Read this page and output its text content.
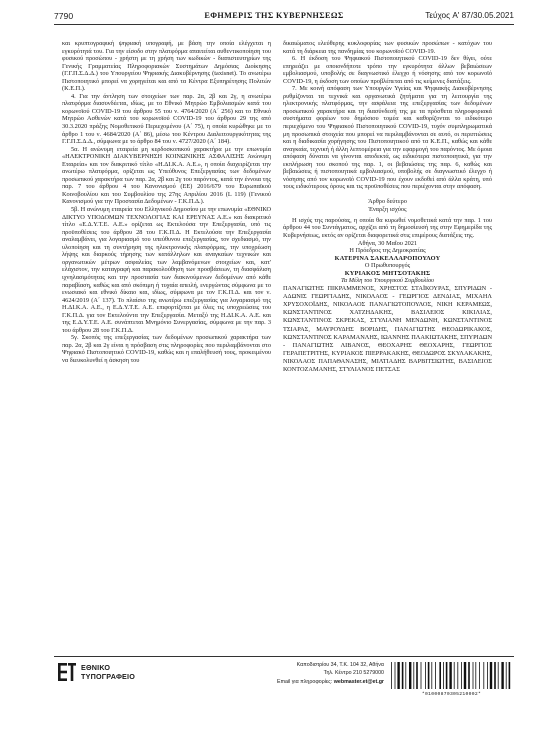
7790	ΕΦΗΜΕΡΙΣ ΤΗΣ ΚΥΒΕΡΝΗΣΕΩΣ	Τεύχος A' 87/30.05.2021

και κρυπτογραφική ψηφιακή υπογραφή, με βάση την οποία ελέγχεται η εγκυρότητά του. Για την είσοδο στην πλατφόρμα απαιτείται αυθεντικοποίηση του φυσικού προσώπου - χρήστη με τη χρήση των κωδικών - διαπιστευτηρίων της Γενικής Γραμματείας Πληροφοριακών Συστημάτων Δημόσιας Διοίκησης (Γ.Γ.Π.Σ.Δ.Δ.) του Υπουργείου Ψηφιακής Διακυβέρνησης (taxisnet). Το ανωτέρω Πιστοποιητικό μπορεί να χορηγείται και από τα Κέντρα Εξυπηρέτησης Πολιτών (Κ.Ε.Π.).

4. Για την άντληση των στοιχείων των παρ. 2α, 2β και 2γ, η ανωτέρω πλατφόρμα διασυνδέεται, ιδίως, με το Εθνικό Μητρώο Εμβολιασμών κατά του κορωνοϊού COVID-19 του άρθρου 55 του ν. 4764/2020 (Α΄ 256) και το Εθνικό Μητρώο Ασθενών κατά του κορωνοϊού COVID-19 του άρθρου 29 της από 30.3.2020 πράξης Νομοθετικού Περιεχομένου (Α΄ 75), η οποία κυρώθηκε με το άρθρο 1 του ν. 4684/2020 (Α΄ 86), μέσω του Κέντρου Διαλειτουργικότητας της Γ.Γ.Π.Σ.Δ.Δ., σύμφωνα με το άρθρο 84 του ν. 4727/2020 (Α΄ 184).

5α. Η ανώνυμη εταιρεία μη κερδοσκοπικού χαρακτήρα με την επωνυμία «ΗΛΕΚΤΡΟΝΙΚΗ ΔΙΑΚΥΒΕΡΝΗΣΗ ΚΟΙΝΩΝΙΚΗΣ ΑΣΦΑΛΙΣΗΣ Ανώνυμη Εταιρεία» και τον διακριτικό τίτλο «Η.ΔΙ.Κ.Α. Α.Ε.», η οποία διαχειρίζεται την ανωτέρω πλατφόρμα, ορίζεται ως Υπεύθυνος Επεξεργασίας των δεδομένων προσωπικού χαρακτήρα των παρ. 2α, 2β και 2γ του παρόντος, κατά την έννοια της παρ. 7 του άρθρου 4 του Κανονισμού (ΕΕ) 2016/679 του Ευρωπαϊκού Κοινοβουλίου και του Συμβουλίου της 27ης Απριλίου 2016 (L 119) (Γενικού Κανονισμού για την Προστασία Δεδομένων - Γ.Κ.Π.Δ.).

5β. Η ανώνυμη εταιρεία του Ελληνικού Δημοσίου με την επωνυμία «ΕΘΝΙΚΟ ΔΙΚΤΥΟ ΥΠΟΔΟΜΩΝ ΤΕΧΝΟΛΟΓΙΑΣ ΚΑΙ ΕΡΕΥΝΑΣ Α.Ε.» και διακριτικό τίτλο «Ε.Δ.Υ.Τ.Ε. Α.Ε.» ορίζεται ως Εκτελούσα την Επεξεργασία, υπό τις προϋποθέσεις του άρθρου 28 του Γ.Κ.Π.Δ. Η Εκτελούσα την Επεξεργασία αναλαμβάνει, για λογαριασμό του υπεύθυνου επεξεργασίας, τον σχεδιασμό, την υλοποίηση και τη συντήρηση της ηλεκτρονικής πλατφόρμας, την υποχρέωση λήψης και διαρκούς τήρησης των κατάλληλων και αναγκαίων τεχνικών και οργανωτικών μέτρων ασφαλείας των λαμβανόμενων στοιχείων και, κατ' ελάχιστον, την καταγραφή και παρακολούθηση των προσβάσεων, τη διασφάλιση ιχνηλασιμότητας και την προστασία των διακινούμενων δεδομένων από κάθε παραβίαση, καθώς και από σκόπιμη ή τυχαία απειλή, ενεργώντας σύμφωνα με το ενωσιακό και εθνικό δίκαιο και, ιδίως, σύμφωνα με τον Γ.Κ.Π.Δ. και τον ν. 4624/2019 (Α΄ 137). Το πλαίσιο της ανωτέρω επεξεργασίας για λογαριασμό της Η.ΔΙ.Κ.Α. Α.Ε., η Ε.Δ.Υ.Τ.Ε. Α.Ε. επιφορτίζεται με όλες τις υποχρεώσεις του Γ.Κ.Π.Δ. για τον Εκτελούντα την Επεξεργασία. Μεταξύ της Η.ΔΙ.Κ.Α. Α.Ε. και της Ε.Δ.Υ.Τ.Ε. Α.Ε. συνάπτεται Μνημόνιο Συνεργασίας, σύμφωνα με την παρ. 3 του άρθρου 28 του Γ.Κ.Π.Δ.

5γ. Σκοπός της επεξεργασίας των δεδομένων προσωπικού χαρακτήρα των παρ. 2α, 2β και 2γ είναι η πρόσβαση στις πληροφορίες που περιλαμβάνονται στο Ψηφιακό Πιστοποιητικό COVID-19, καθώς και η επαλήθευσή τους, προκειμένου να διευκολυνθεί η άσκηση του

δικαιώματος ελεύθερης κυκλοφορίας των φυσικών προσώπων - κατόχων του κατά τη διάρκεια της πανδημίας του κορωνοϊού COVID-19.

6. Η έκδοση του Ψηφιακού Πιστοποιητικού COVID-19 δεν θίγει, ούτε επηρεάζει με οποιονδήποτε τρόπο την εγκυρότητα άλλων βεβαιώσεων εμβολιασμού, υποβολής σε διαγνωστικό έλεγχο ή νόσησης από τον κορωνοϊό COVID-19, η έκδοση των οποίων προβλέπεται από τις κείμενες διατάξεις.

7. Με κοινή απόφαση των Υπουργών Υγείας και Ψηφιακής Διακυβέρνησης ρυθμίζονται τα τεχνικά και οργανωτικά ζητήματα για τη λειτουργία της ηλεκτρονικής πλατφόρμας, την ασφάλεια της επεξεργασίας των δεδομένων προσωπικού χαρακτήρα και τη διασύνδεσή της με τα πρόσθετα πληροφοριακά συστήματα φορέων του δημόσιου τομέα και καθορίζονται το ειδικότερο περιεχόμενο του Ψηφιακού Πιστοποιητικού COVID-19, τυχόν συμπληρωματικά μη προσωπικά στοιχεία που μπορεί να περιλαμβάνονται σε αυτό, οι περιπτώσεις και η διαδικασία χορήγησης του Πιστοποιητικού από τα Κ.Ε.Π., καθώς και κάθε αναγκαία, τεχνική ή άλλη λεπτομέρεια για την εφαρμογή του παρόντος. Με όμοια απόφαση δύναται να γίνονται αποδεκτά, ως ειδικότερα πιστοποιητικά, για την εκπλήρωση του σκοπού της παρ. 1, οι βεβαιώσεις της παρ. 6, καθώς και βεβαιώσεις ή πιστοποιητικά εμβολιασμού, υποβολής σε διαγνωστικό έλεγχο ή νόσησης από τον κορωνοϊό COVID-19 που έχουν εκδοθεί από άλλα κράτη, υπό τους ειδικότερους όρους και τις προϋποθέσεις που περιέχονται στην απόφαση.

Άρθρο δεύτερο

Έναρξη ισχύος

Η ισχύς της παρούσας, η οποία θα κυρωθεί νομοθετικά κατά την παρ. 1 του άρθρου 44 του Συντάγματος, αρχίζει από τη δημοσίευσή της στην Εφημερίδα της Κυβερνήσεως, εκτός αν ορίζεται διαφορετικά στις επιμέρους διατάξεις της.

Αθήνα, 30 Μαΐου 2021

Η Πρόεδρος της Δημοκρατίας

ΚΑΤΕΡΙΝΑ ΣΑΚΕΛΛΑΡΟΠΟΥΛΟΥ

Ο Πρωθυπουργός

ΚΥΡΙΑΚΟΣ ΜΗΤΣΟΤΑΚΗΣ

Τα Μέλη του Υπουργικού Συμβουλίου

ΠΑΝΑΓΙΩΤΗΣ ΠΙΚΡΑΜΜΕΝΟΣ, ΧΡΗΣΤΟΣ ΣΤΑΪΚΟΥΡΑΣ, ΣΠΥΡΙΔΩΝ - ΑΔΩΝΙΣ ΓΕΩΡΓΙΑΔΗΣ, ΝΙΚΟΛΑΟΣ - ΓΕΩΡΓΙΟΣ ΔΕΝΔΙΑΣ, ΜΙΧΑΗΛ ΧΡΥΣΟΧΟΪΔΗΣ, ΝΙΚΟΛΑΟΣ ΠΑΝΑΓΙΩΤΟΠΟΥΛΟΣ, ΝΙΚΗ ΚΕΡΑΜΕΩΣ, ΚΩΝΣΤΑΝΤΙΝΟΣ ΧΑΤΖΗΔΑΚΗΣ, ΒΑΣΙΛΕΙΟΣ ΚΙΚΙΛΙΑΣ, ΚΩΝΣΤΑΝΤΙΝΟΣ ΣΚΡΕΚΑΣ, ΣΤΥΛΙΑΝΗ ΜΕΝΔΩΝΗ, ΚΩΝΣΤΑΝΤΙΝΟΣ ΤΣΙΑΡΑΣ, ΜΑΥΡΟΥΔΗΣ ΒΟΡΙΔΗΣ, ΠΑΝΑΓΙΩΤΗΣ ΘΕΟΔΩΡΙΚΑΚΟΣ, ΚΩΝΣΤΑΝΤΙΝΟΣ ΚΑΡΑΜΑΝΛΗΣ, ΙΩΑΝΝΗΣ ΠΛΑΚΙΩΤΑΚΗΣ, ΣΠΥΡΙΔΩΝ - ΠΑΝΑΓΙΩΤΗΣ ΛΙΒΑΝΟΣ, ΘΕΟΧΑΡΗΣ ΘΕΟΧΑΡΗΣ, ΓΕΩΡΓΙΟΣ ΓΕΡΑΠΕΤΡΙΤΗΣ, ΚΥΡΙΑΚΟΣ ΠΙΕΡΡΑΚΑΚΗΣ, ΘΕΟΔΩΡΟΣ ΣΚΥΛΑΚΑΚΗΣ, ΝΙΚΟΛΑΟΣ ΠΑΠΑΘΑΝΑΣΗΣ, ΜΙΛΤΙΑΔΗΣ ΒΑΡΒΙΤΣΙΩΤΗΣ, ΒΑΣΙΛΕΙΟΣ ΚΟΝΤΟΖΑΜΑΝΗΣ, ΣΤΥΛΙΑΝΟΣ ΠΕΤΣΑΣ

ΕΘΝΙΚΟ
ΤΥΠΟΓΡΑΦΕΙΟ
Καποδιστρίου 34, Τ.Κ. 104 32, Αθήνα
Τηλ. Κέντρο 210 5279000
Email για πληροφορίες: webmaster.et@et.gr
*01000870305210002*
